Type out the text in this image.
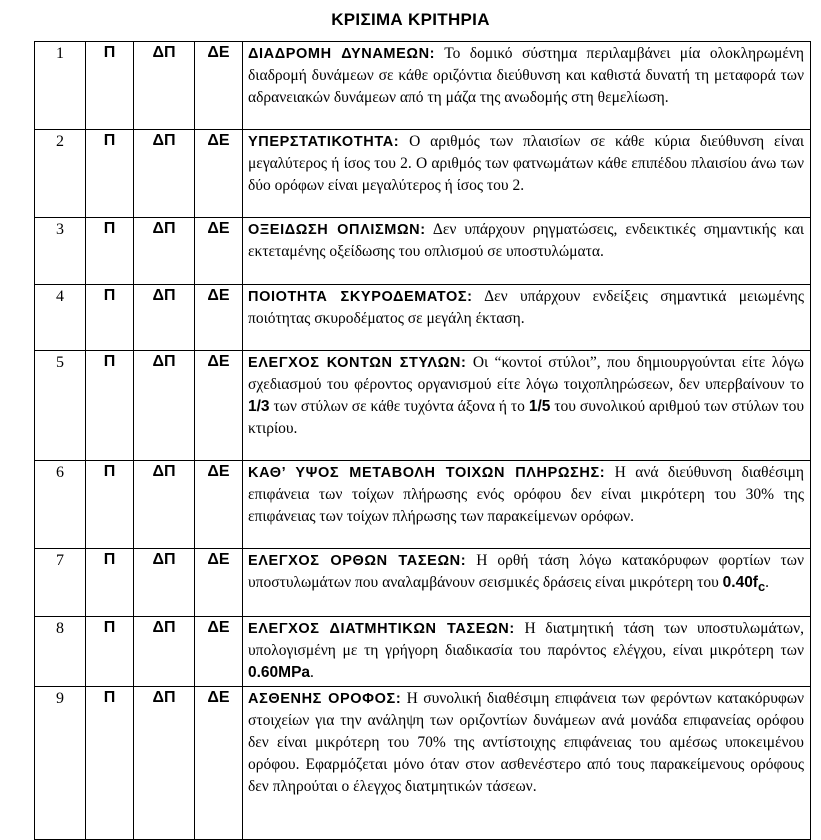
ΚΡΙΣΙΜΑ ΚΡΙΤΗΡΙΑ
1	Π	ΔΠ	ΔΕ	ΔΙΑΔΡΟΜΗ ΔΥΝΑΜΕΩΝ: Το δομικό σύστημα περιλαμβάνει μία ολοκληρωμένη διαδρομή δυνάμεων σε κάθε οριζόντια διεύθυνση και καθιστά δυνατή τη μεταφορά των αδρανειακών δυνάμεων από τη μάζα της ανωδομής στη θεμελίωση.
2	Π	ΔΠ	ΔΕ	ΥΠΕΡΣΤΑΤΙΚΟΤΗΤΑ: Ο αριθμός των πλαισίων σε κάθε κύρια διεύθυνση είναι μεγαλύτερος ή ίσος του 2. Ο αριθμός των φατνωμάτων κάθε επιπέδου πλαισίου άνω των δύο ορόφων είναι μεγαλύτερος ή ίσος του 2.
3	Π	ΔΠ	ΔΕ	ΟΞΕΙΔΩΣΗ ΟΠΛΙΣΜΩΝ: Δεν υπάρχουν ρηγματώσεις, ενδεικτικές σημαντικής και εκτεταμένης οξείδωσης του οπλισμού σε υποστυλώματα.
4	Π	ΔΠ	ΔΕ	ΠΟΙΟΤΗΤΑ ΣΚΥΡΟΔΕΜΑΤΟΣ: Δεν υπάρχουν ενδείξεις σημαντικά μειωμένης ποιότητας σκυροδέματος σε μεγάλη έκταση.
5	Π	ΔΠ	ΔΕ	ΕΛΕΓΧΟΣ ΚΟΝΤΩΝ ΣΤΥΛΩΝ: Οι “κοντοί στύλοι”, που δημιουργούνται είτε λόγω σχεδιασμού του φέροντος οργανισμού είτε λόγω τοιχοπληρώσεων, δεν υπερβαίνουν το 1/3 των στύλων σε κάθε τυχόντα άξονα ή το 1/5 του συνολικού αριθμού των στύλων του κτιρίου.
6	Π	ΔΠ	ΔΕ	ΚΑΘ’ ΥΨΟΣ ΜΕΤΑΒΟΛΗ ΤΟΙΧΩΝ ΠΛΗΡΩΣΗΣ: Η ανά διεύθυνση διαθέσιμη επιφάνεια των τοίχων πλήρωσης ενός ορόφου δεν είναι μικρότερη του 30% της επιφάνειας των τοίχων πλήρωσης των παρακείμενων ορόφων.
7	Π	ΔΠ	ΔΕ	ΕΛΕΓΧΟΣ ΟΡΘΩΝ ΤΑΣΕΩΝ: Η ορθή τάση λόγω κατακόρυφων φορτίων των υποστυλωμάτων που αναλαμβάνουν σεισμικές δράσεις είναι μικρότερη του $0.40f_c$.
8	Π	ΔΠ	ΔΕ	ΕΛΕΓΧΟΣ ΔΙΑΤΜΗΤΙΚΩΝ ΤΑΣΕΩΝ: Η διατμητική τάση των υποστυλωμάτων, υπολογισμένη με τη γρήγορη διαδικασία του παρόντος ελέγχου, είναι μικρότερη των 0.60MPa.
9	Π	ΔΠ	ΔΕ	ΑΣΘΕΝΗΣ ΟΡΟΦΟΣ: Η συνολική διαθέσιμη επιφάνεια των φερόντων κατακόρυφων στοιχείων για την ανάληψη των οριζοντίων δυνάμεων ανά μονάδα επιφανείας ορόφου δεν είναι μικρότερη του 70% της αντίστοιχης επιφάνειας του αμέσως υποκειμένου ορόφου. Εφαρμόζεται μόνο όταν στον ασθενέστερο από τους παρακείμενους ορόφους δεν πληρούται ο έλεγχος διατμητικών τάσεων.
